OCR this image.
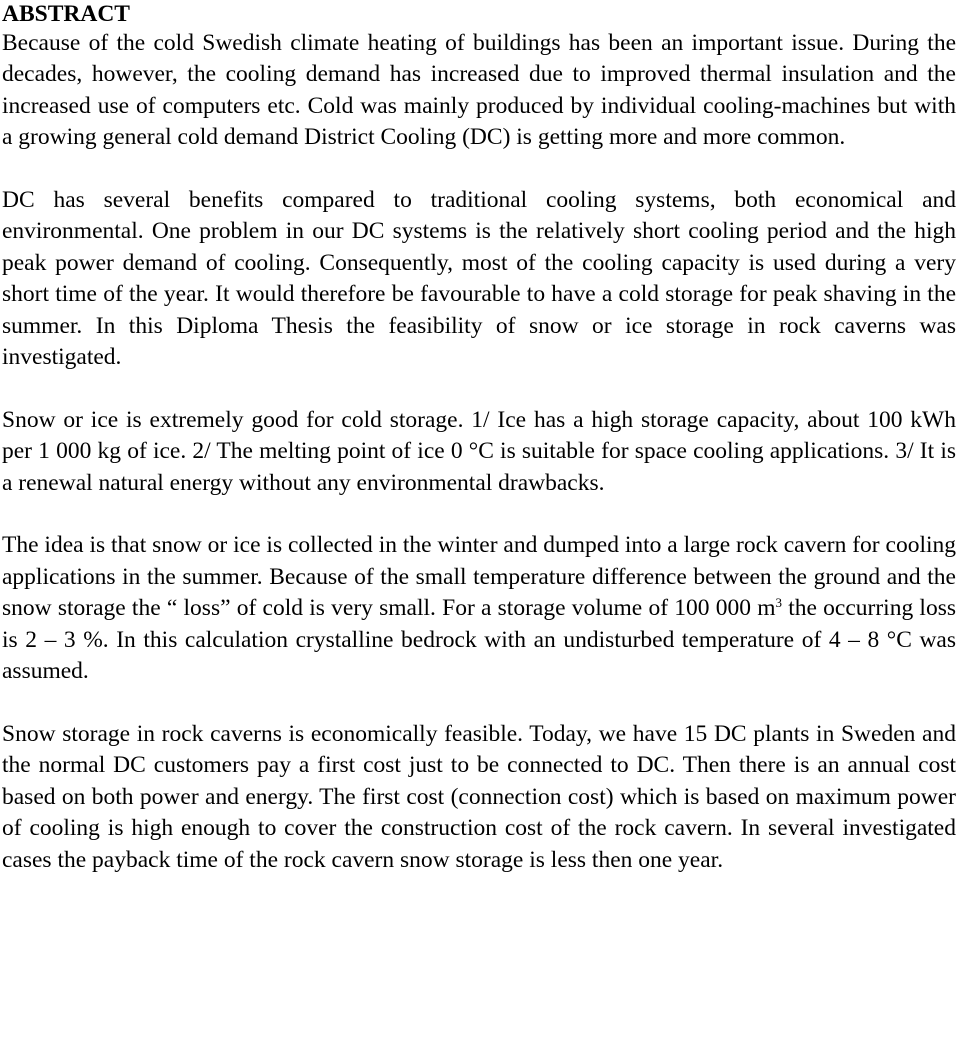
ABSTRACT

Because of the cold Swedish climate heating of buildings has been an important issue. During the decades, however, the cooling demand has increased due to improved thermal insulation and the increased use of computers etc. Cold was mainly produced by individual cooling-machines but with a growing general cold demand District Cooling (DC) is getting more and more common.

DC has several benefits compared to traditional cooling systems, both economical and environmental. One problem in our DC systems is the relatively short cooling period and the high peak power demand of cooling. Consequently, most of the cooling capacity is used during a very short time of the year. It would therefore be favourable to have a cold storage for peak shaving in the summer. In this Diploma Thesis the feasibility of snow or ice storage in rock caverns was investigated.

Snow or ice is extremely good for cold storage. 1/ Ice has a high storage capacity, about 100 kWh per 1 000 kg of ice. 2/ The melting point of ice 0 °C is suitable for space cooling applications. 3/ It is a renewal natural energy without any environmental drawbacks.

The idea is that snow or ice is collected in the winter and dumped into a large rock cavern for cooling applications in the summer. Because of the small temperature difference between the ground and the snow storage the “ loss” of cold is very small. For a storage volume of 100 000 $m^3$ the occurring loss is 2 – 3 %. In this calculation crystalline bedrock with an undisturbed temperature of 4 – 8 °C was assumed.

Snow storage in rock caverns is economically feasible. Today, we have 15 DC plants in Sweden and the normal DC customers pay a first cost just to be connected to DC. Then there is an annual cost based on both power and energy. The first cost (connection cost) which is based on maximum power of cooling is high enough to cover the construction cost of the rock cavern. In several investigated cases the payback time of the rock cavern snow storage is less then one year.
